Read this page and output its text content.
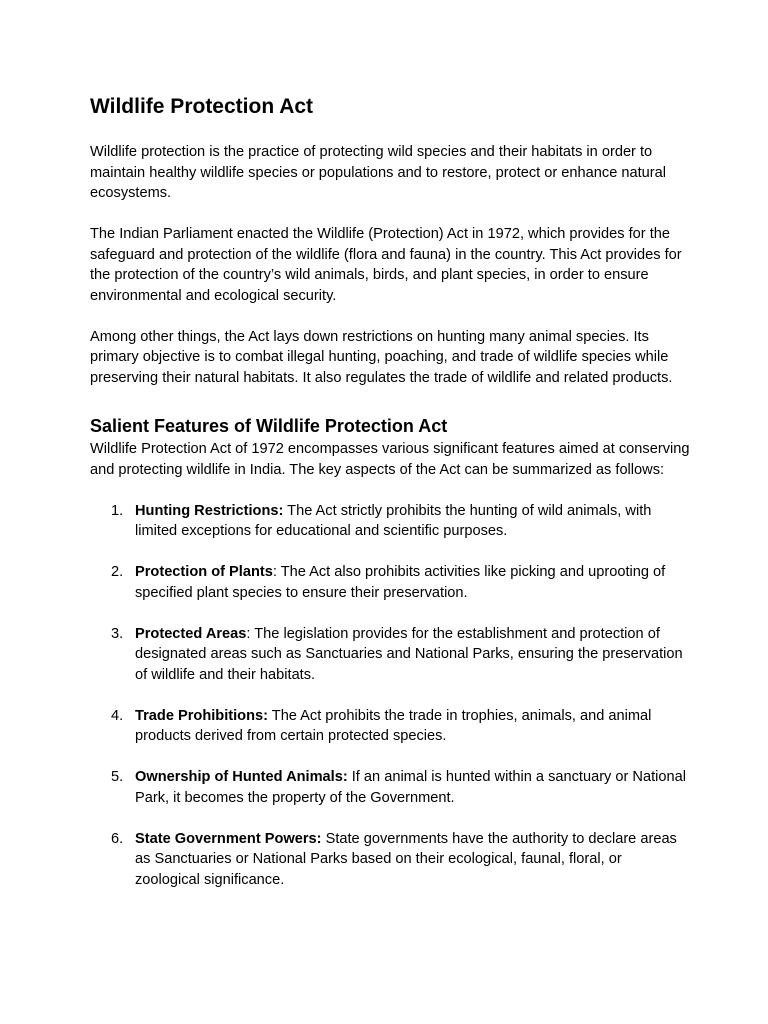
Wildlife Protection Act

Wildlife protection is the practice of protecting wild species and their habitats in order to maintain healthy wildlife species or populations and to restore, protect or enhance natural ecosystems.

The Indian Parliament enacted the Wildlife (Protection) Act in 1972, which provides for the safeguard and protection of the wildlife (flora and fauna) in the country. This Act provides for the protection of the country’s wild animals, birds, and plant species, in order to ensure environmental and ecological security.

Among other things, the Act lays down restrictions on hunting many animal species. Its primary objective is to combat illegal hunting, poaching, and trade of wildlife species while preserving their natural habitats. It also regulates the trade of wildlife and related products.

Salient Features of Wildlife Protection Act

Wildlife Protection Act of 1972 encompasses various significant features aimed at conserving and protecting wildlife in India. The key aspects of the Act can be summarized as follows:

1. Hunting Restrictions: The Act strictly prohibits the hunting of wild animals, with limited exceptions for educational and scientific purposes.
2. Protection of Plants: The Act also prohibits activities like picking and uprooting of specified plant species to ensure their preservation.
3. Protected Areas: The legislation provides for the establishment and protection of designated areas such as Sanctuaries and National Parks, ensuring the preservation of wildlife and their habitats.
4. Trade Prohibitions: The Act prohibits the trade in trophies, animals, and animal products derived from certain protected species.
5. Ownership of Hunted Animals: If an animal is hunted within a sanctuary or National Park, it becomes the property of the Government.
6. State Government Powers: State governments have the authority to declare areas as Sanctuaries or National Parks based on their ecological, faunal, floral, or zoological significance.
